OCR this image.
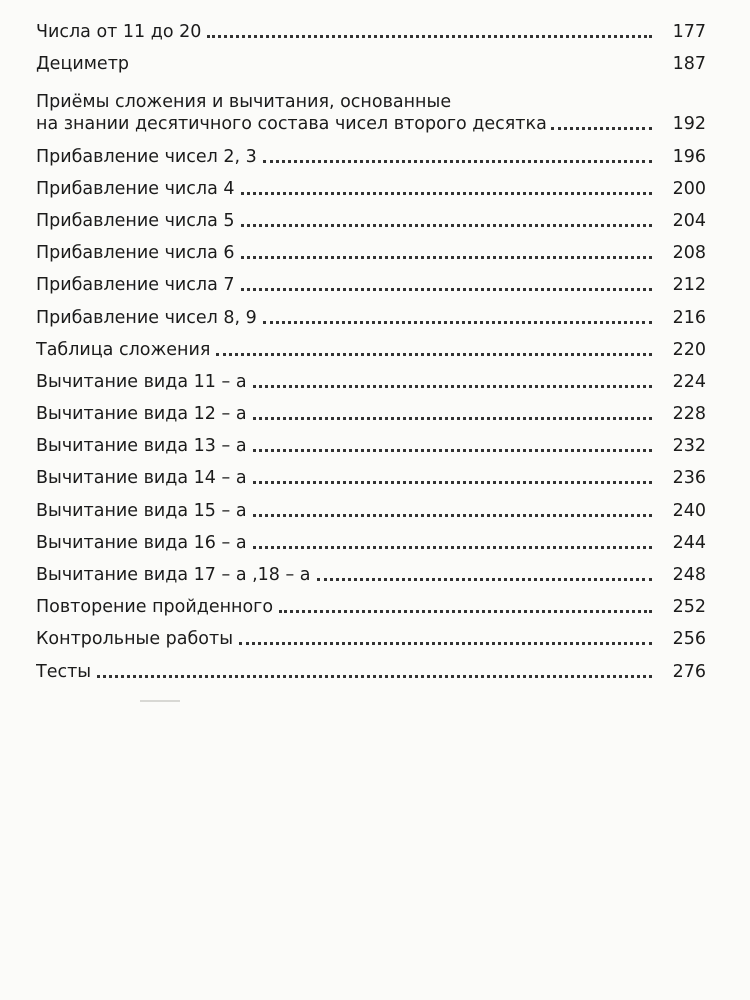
Числа от 11 до 20	177
Дециметр	187
Приёмы сложения и вычитания, основанные
на знании десятичного состава чисел второго десятка	192
Прибавление чисел 2, 3	196
Прибавление числа 4	200
Прибавление числа 5	204
Прибавление числа 6	208
Прибавление числа 7	212
Прибавление чисел 8, 9	216
Таблица сложения	220
Вычитание вида 11 – а	224
Вычитание вида 12 – а	228
Вычитание вида 13 – а	232
Вычитание вида 14 – а	236
Вычитание вида 15 – а	240
Вычитание вида 16 – а	244
Вычитание вида 17 – а ,18 – а	248
Повторение пройденного	252
Контрольные работы	256
Тесты	276
